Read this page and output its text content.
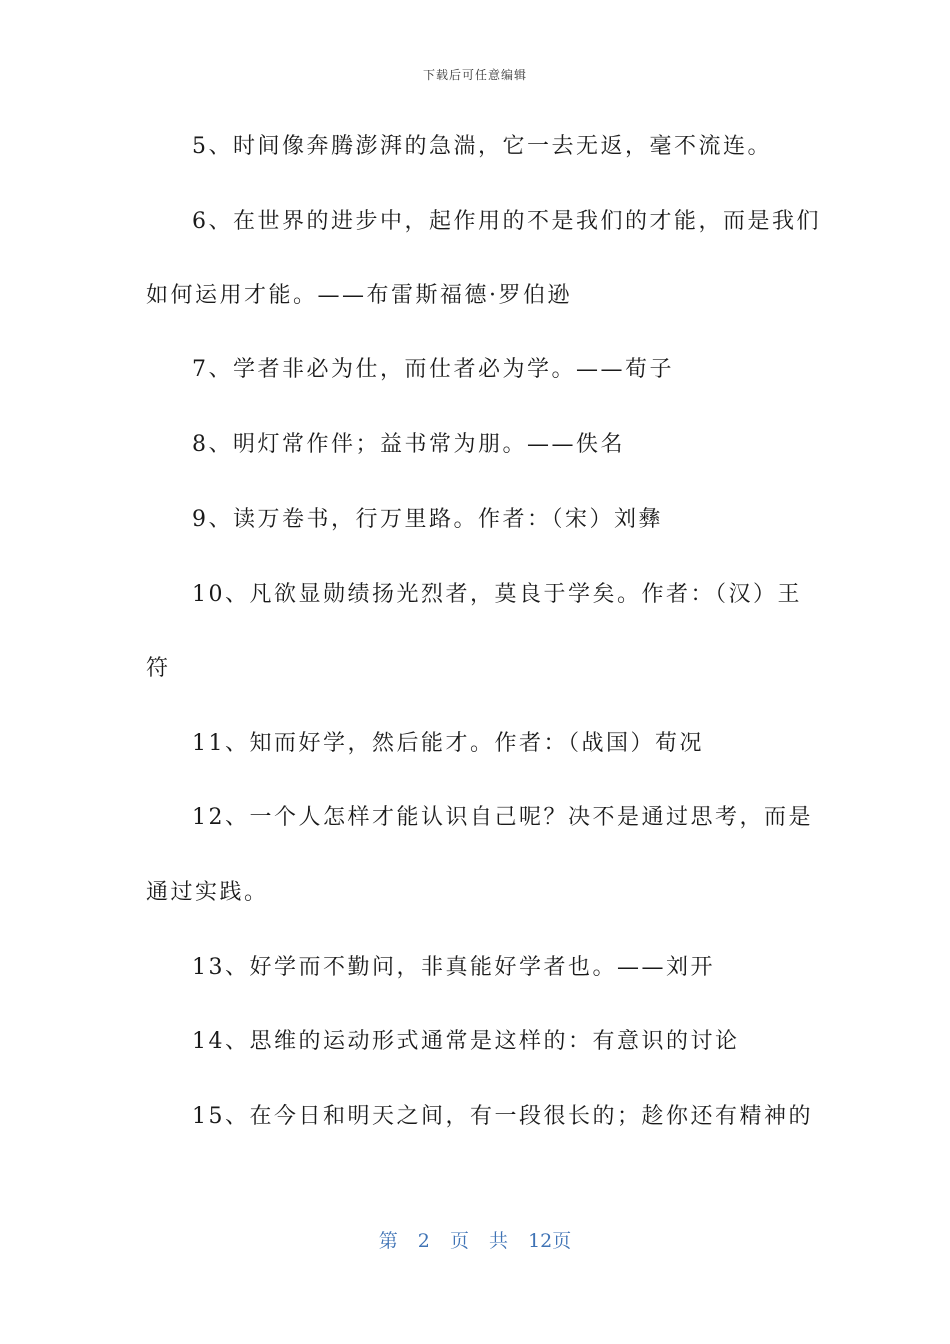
下载后可任意编辑
5、时间像奔腾澎湃的急湍，它一去无返，毫不流连。
6、在世界的进步中，起作用的不是我们的才能，而是我们
如何运用才能。——布雷斯福德·罗伯逊
7、学者非必为仕，而仕者必为学。——荀子
8、明灯常作伴；益书常为朋。——佚名
9、读万卷书，行万里路。作者：（宋）刘彝
10、凡欲显勋绩扬光烈者，莫良于学矣。作者：（汉）王
符
11、知而好学，然后能才。作者：（战国）荀况
12、一个人怎样才能认识自己呢？决不是通过思考，而是
通过实践。
13、好学而不勤问，非真能好学者也。——刘开
14、思维的运动形式通常是这样的：有意识的讨论
15、在今日和明天之间，有一段很长的；趁你还有精神的
第 2 页 共 12页
